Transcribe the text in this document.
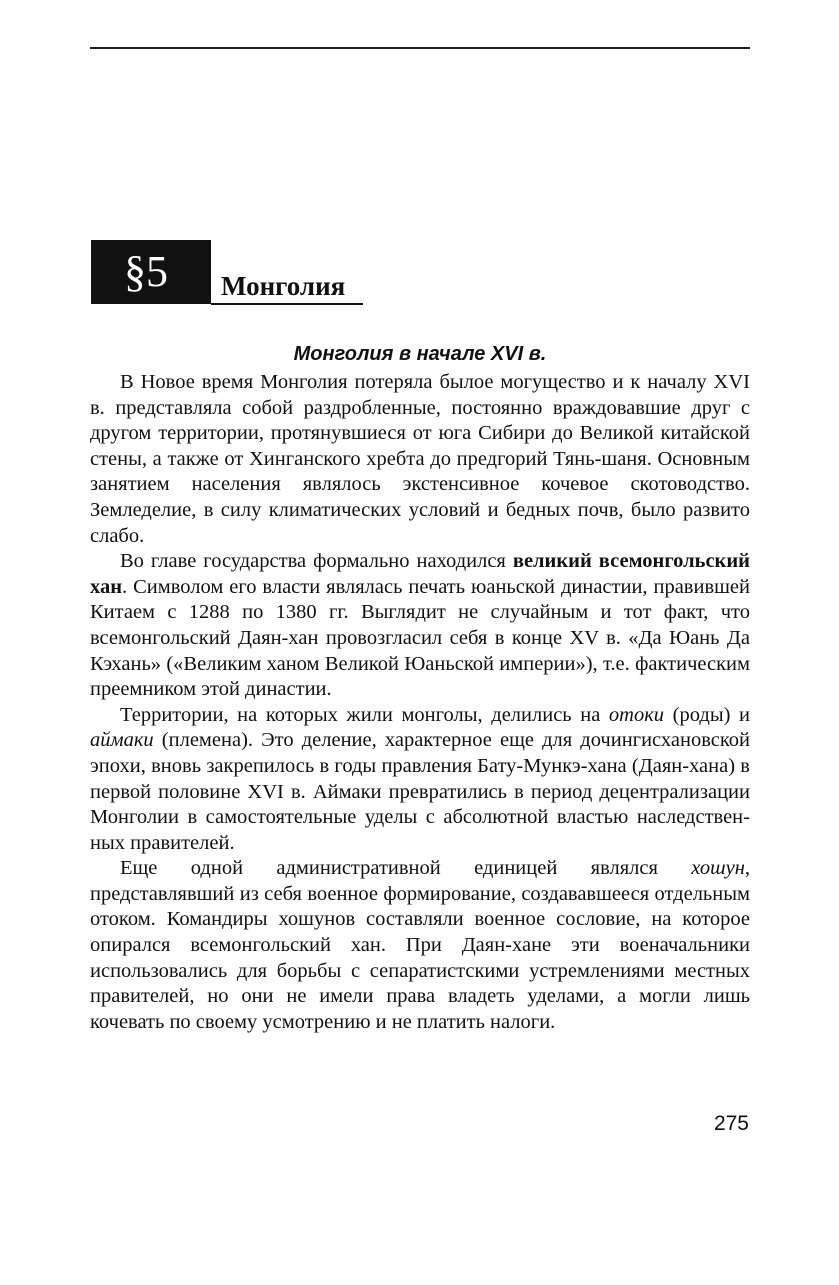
§5	Монголия
Монголия в начале XVI в.

В Новое время Монголия потеряла былое могущество и к началу XVI в. представляла собой раздробленные, постоянно враждовавшие друг с другом территории, протянувшиеся от юга Сибири до Великой китайской стены, а также от Хинганского хребта до предгорий Тянь-шаня. Основным занятием населения являлось экстенсивное кочевое скотоводство. Земледелие, в силу климатических условий и бедных почв, было развито слабо.

Во главе государства формально находился великий всемонгольский хан. Символом его власти являлась печать юаньской династии, правившей Китаем с 1288 по 1380 гг. Выглядит не случайным и тот факт, что всемонгольский Даян-хан провозгласил себя в конце XV в. «Да Юань Да Кэхань» («Великим ханом Великой Юаньской империи»), т.е. фактическим преемником этой династии.

Территории, на которых жили монголы, делились на отоки (роды) и аймаки (племена). Это деление, характерное еще для дочингисхановской эпохи, вновь закрепилось в годы правления Бату-Мункэ-хана (Даян-хана) в первой половине XVI в. Аймаки превратились в период децентрализации Монголии в самостоятельные уделы с абсолютной властью наследственных правителей.

Еще одной административной единицей являлся хошун, представлявший из себя военное формирование, создававшееся отдельным отоком. Командиры хошунов составляли военное сословие, на которое опирался всемонгольский хан. При Даян-хане эти военачальники использовались для борьбы с сепаратистскими устремлениями местных правителей, но они не имели права владеть уделами, а могли лишь кочевать по своему усмотрению и не платить налоги.

275
